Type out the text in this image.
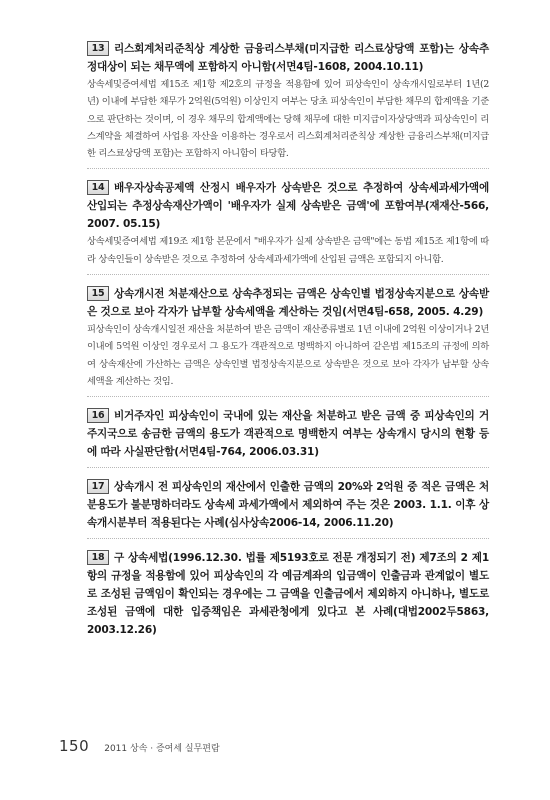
13 리스회계처리준칙상 계상한 금융리스부채(미지급한 리스료상당액 포함)는 상속추정대상이 되는 채무액에 포함하지 아니함(서면4팀-1608, 2004.10.11)
상속세및증여세법 제15조 제1항 제2호의 규정을 적용함에 있어 피상속인이 상속개시일로부터 1년(2년) 이내에 부담한 채무가 2억원(5억원) 이상인지 여부는 당초 피상속인이 부담한 채무의 합계액을 기준으로 판단하는 것이며, 이 경우 채무의 합계액에는 당해 채무에 대한 미지급이자상당액과 피상속인이 리스계약을 체결하여 사업용 자산을 이용하는 경우로서 리스회계처리준칙상 계상한 금융리스부채(미지급한 리스료상당액 포함)는 포함하지 아니함이 타당함.
14 배우자상속공제액 산정시 배우자가 상속받은 것으로 추정하여 상속세과세가액에 산입되는 추정상속재산가액이 '배우자가 실제 상속받은 금액'에 포함여부(재재산-566, 2007. 05.15)
상속세및증여세법 제19조 제1항 본문에서 "배우자가 실제 상속받은 금액"에는 동법 제15조 제1항에 따라 상속인들이 상속받은 것으로 추정하여 상속세과세가액에 산입된 금액은 포함되지 아니함.
15 상속개시전 처분재산으로 상속추정되는 금액은 상속인별 법정상속지분으로 상속받은 것으로 보아 각자가 납부할 상속세액을 계산하는 것임(서면4팀-658, 2005. 4.29)
피상속인이 상속개시일전 재산을 처분하여 받은 금액이 재산종류별로 1년 이내에 2억원 이상이거나 2년 이내에 5억원 이상인 경우로서 그 용도가 객관적으로 명백하지 아니하여 같은법 제15조의 규정에 의하여 상속재산에 가산하는 금액은 상속인별 법정상속지분으로 상속받은 것으로 보아 각자가 납부할 상속세액을 계산하는 것임.
16 비거주자인 피상속인이 국내에 있는 재산을 처분하고 받은 금액 중 피상속인의 거주지국으로 송금한 금액의 용도가 객관적으로 명백한지 여부는 상속개시 당시의 현황 등에 따라 사실판단함(서면4팀-764, 2006.03.31)
17 상속개시 전 피상속인의 재산에서 인출한 금액의 20%와 2억원 중 적은 금액은 처분용도가 불분명하더라도 상속세 과세가액에서 제외하여 주는 것은 2003. 1.1. 이후 상속개시분부터 적용된다는 사례(심사상속2006-14, 2006.11.20)
18 구 상속세법(1996.12.30. 법률 제5193호로 전문 개정되기 전) 제7조의 2 제1항의 규정을 적용함에 있어 피상속인의 각 예금계좌의 입금액이 인출금과 관계없이 별도로 조성된 금액임이 확인되는 경우에는 그 금액을 인출금에서 제외하지 아니하나, 별도로 조성된 금액에 대한 입증책임은 과세관청에게 있다고 본 사례(대법2002두5863, 2003.12.26)
150 2011 상속 · 증여세 실무편람
